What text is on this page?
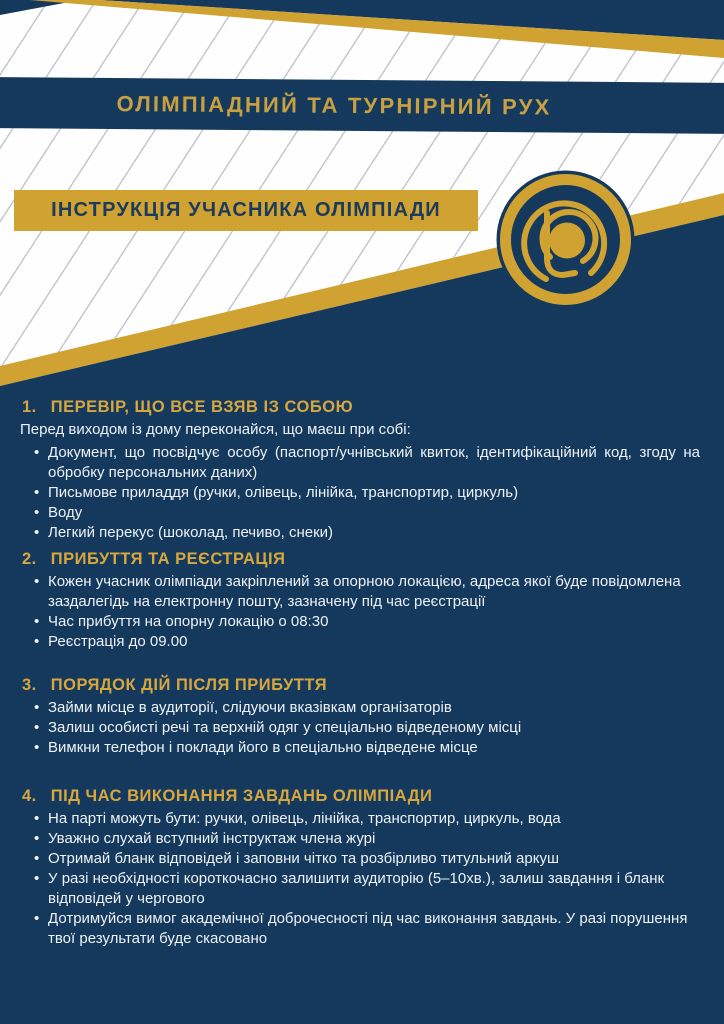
ОЛІМПІАДНИЙ ТА ТУРНІРНИЙ РУХ
ІНСТРУКЦІЯ УЧАСНИКА ОЛІМПІАДИ
1. ПЕРЕВІР, ЩО ВСЕ ВЗЯВ ІЗ СОБОЮ

Перед виходом із дому переконайся, що маєш при собі:

• Документ, що посвідчує особу (паспорт/учнівський квиток, ідентифікаційний код, згоду на обробку персональних даних)
• Письмове приладдя (ручки, олівець, лінійка, транспортир, циркуль)
• Воду
• Легкий перекус (шоколад, печиво, снеки)
2. ПРИБУТТЯ ТА РЕЄСТРАЦІЯ
• Кожен учасник олімпіади закріплений за опорною локацією, адреса якої буде повідомлена заздалегідь на електронну пошту, зазначену під час реєстрації
• Час прибуття на опорну локацію о 08:30
• Реєстрація до 09.00
3. ПОРЯДОК ДІЙ ПІСЛЯ ПРИБУТТЯ
• Займи місце в аудиторії, слідуючи вказівкам організаторів
• Залиш особисті речі та верхній одяг у спеціально відведеному місці
• Вимкни телефон і поклади його в спеціально відведене місце
4. ПІД ЧАС ВИКОНАННЯ ЗАВДАНЬ ОЛІМПІАДИ
• На парті можуть бути: ручки, олівець, лінійка, транспортир, циркуль, вода
• Уважно слухай вступний інструктаж члена журі
• Отримай бланк відповідей і заповни чітко та розбірливо титульний аркуш
• У разі необхідності короткочасно залишити аудиторію (5–10хв.), залиш завдання і бланк відповідей у чергового
• Дотримуйся вимог академічної доброчесності під час виконання завдань. У разі порушення твої результати буде скасовано
